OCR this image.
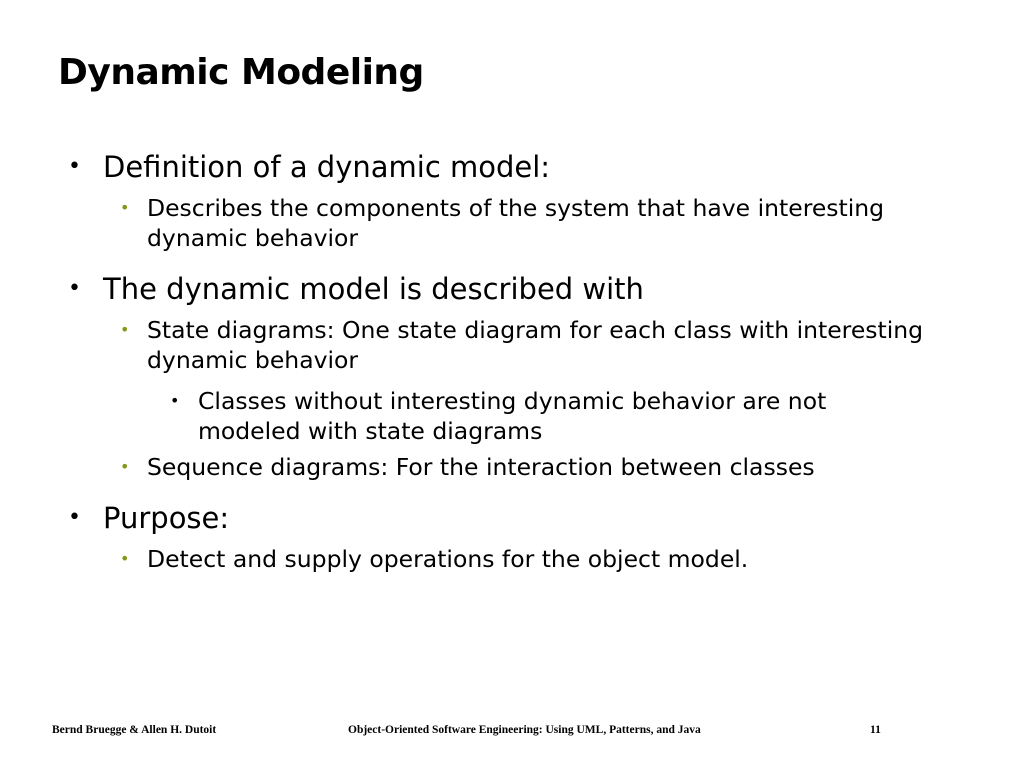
Dynamic Modeling
• Definition of a dynamic model:
• Describes the components of the system that have interesting dynamic behavior
• The dynamic model is described with
• State diagrams: One state diagram for each class with interesting dynamic behavior
• Classes without interesting dynamic behavior are not modeled with state diagrams
• Sequence diagrams: For the interaction between classes
• Purpose:
• Detect and supply operations for the object model.
Bernd Bruegge & Allen H. Dutoit	Object-Oriented Software Engineering: Using UML, Patterns, and Java	11
